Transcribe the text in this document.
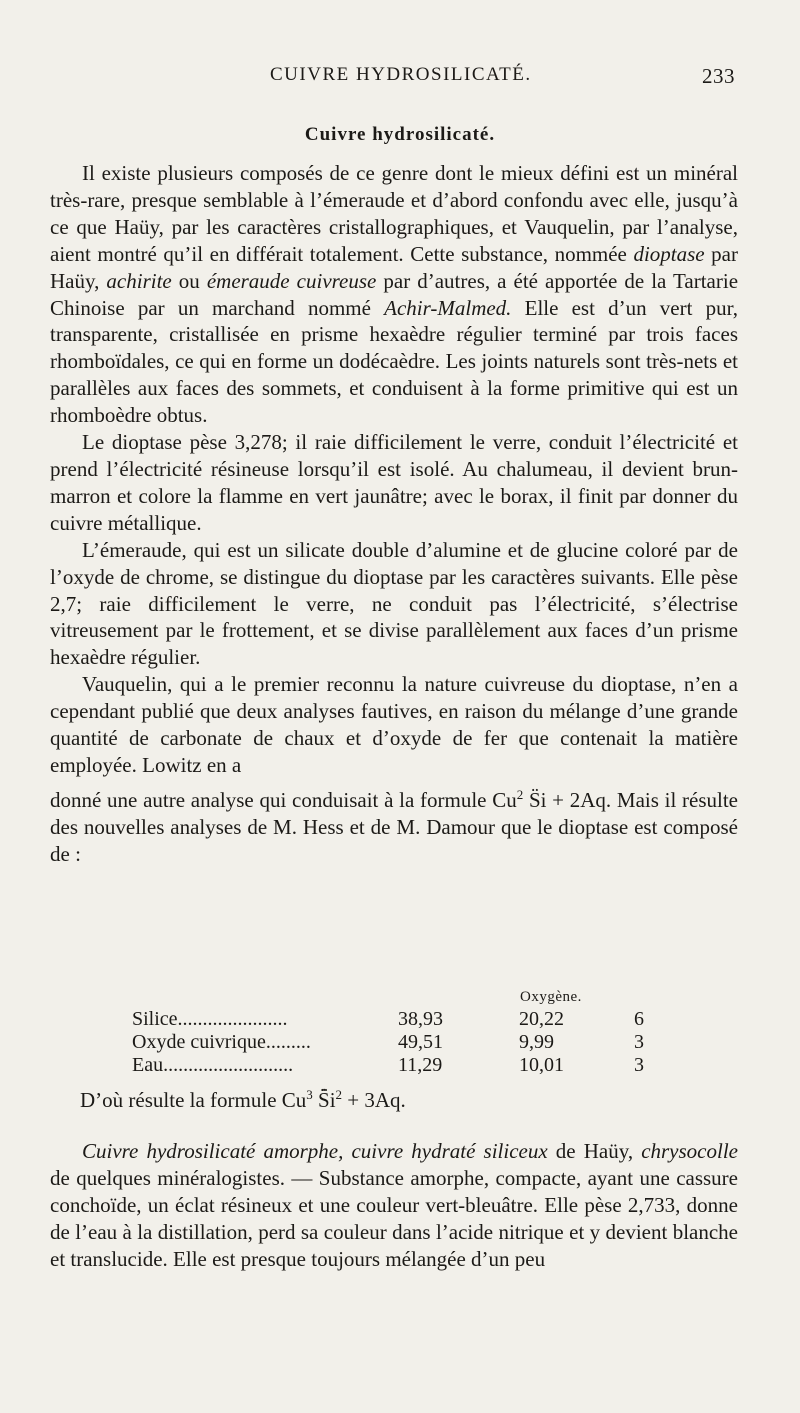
CUIVRE HYDROSILICATÉ.	233
Cuivre hydrosilicaté.

Il existe plusieurs composés de ce genre dont le mieux défini est un minéral très-rare, presque semblable à l’émeraude et d’abord confondu avec elle, jusqu’à ce que Haüy, par les caractères cristallographiques, et Vauquelin, par l’analyse, aient montré qu’il en différait totalement. Cette substance, nommée dioptase par Haüy, achirite ou émeraude cuivreuse par d’autres, a été apportée de la Tartarie Chinoise par un marchand nommé Achir-Malmed. Elle est d’un vert pur, transparente, cristallisée en prisme hexaèdre régulier terminé par trois faces rhomboïdales, ce qui en forme un dodécaèdre. Les joints naturels sont très-nets et parallèles aux faces des sommets, et conduisent à la forme primitive qui est un rhomboèdre obtus.

Le dioptase pèse 3,278; il raie difficilement le verre, conduit l’électricité et prend l’électricité résineuse lorsqu’il est isolé. Au chalumeau, il devient brun-marron et colore la flamme en vert jaunâtre; avec le borax, il finit par donner du cuivre métallique.

L’émeraude, qui est un silicate double d’alumine et de glucine coloré par de l’oxyde de chrome, se distingue du dioptase par les caractères suivants. Elle pèse 2,7; raie difficilement le verre, ne conduit pas l’électricité, s’électrise vitreusement par le frottement, et se divise parallèlement aux faces d’un prisme hexaèdre régulier.

Vauquelin, qui a le premier reconnu la nature cuivreuse du dioptase, n’en a cependant publié que deux analyses fautives, en raison du mélange d’une grande quantité de carbonate de chaux et d’oxyde de fer que contenait la matière employée. Lowitz en a

donné une autre analyse qui conduisait à la formule Cu$^2$ S̈i + 2Aq. Mais il résulte des nouvelles analyses de M. Hess et de M. Damour que le dioptase est composé de :

Oxygène.
Silice......................	38,93	20,22	6
Oxyde cuivrique.........	49,51	9,99	3
Eau..........................	11,29	10,01	3
D’où résulte la formule Cu$^3$ $S̈̇i^2 + 3Aq$.

Cuivre hydrosilicaté amorphe, cuivre hydraté siliceux de Haüy, chrysocolle de quelques minéralogistes. — Substance amorphe, compacte, ayant une cassure conchoïde, un éclat résineux et une couleur vert-bleuâtre. Elle pèse 2,733, donne de l’eau à la distillation, perd sa couleur dans l’acide nitrique et y devient blanche et translucide. Elle est presque toujours mélangée d’un peu
